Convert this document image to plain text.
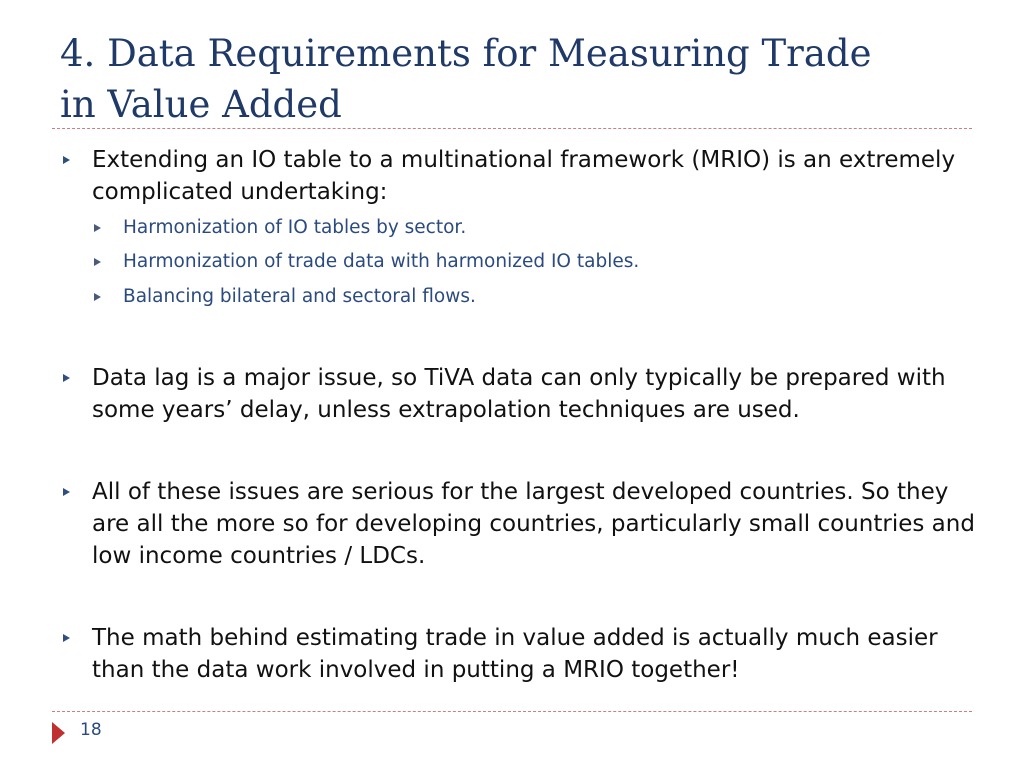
4. Data Requirements for Measuring Trade
in Value Added

Extending an IO table to a multinational framework (MRIO) is an extremely complicated undertaking:

Harmonization of IO tables by sector.

Harmonization of trade data with harmonized IO tables.

Balancing bilateral and sectoral flows.

Data lag is a major issue, so TiVA data can only typically be prepared with some years’ delay, unless extrapolation techniques are used.

All of these issues are serious for the largest developed countries. So they are all the more so for developing countries, particularly small countries and low income countries / LDCs.

The math behind estimating trade in value added is actually much easier than the data work involved in putting a MRIO together!

18
